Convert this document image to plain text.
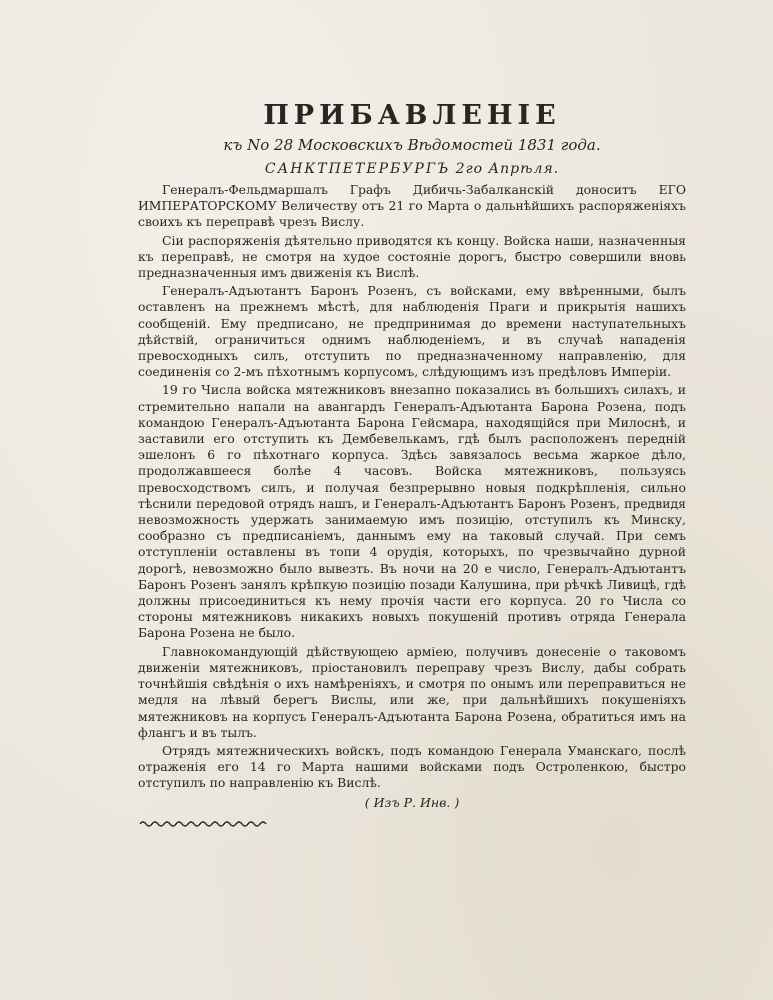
ПРИБАВЛЕНIЕ
къ No 28 Московскихъ Вѣдомостей 1831 года.
САНКТПЕТЕРБУРГЪ 2го Апрѣля.

Генералъ-Фельдмаршалъ Графъ Дибичь-Забалканскiй доноситъ ЕГО ИМПЕРАТОРСКОМУ Величеству отъ 21 го Марта о дальнѣйшихъ распоряженiяхъ своихъ къ переправѣ чрезъ Вислу.

Сiи распоряженiя дѣятельно приводятся къ концу. Войска наши, назначенныя къ переправѣ, не смотря на худое состоянiе дорогъ, быстро совершили вновь предназначенныя имъ движенiя къ Вислѣ.

Генералъ-Адъютантъ Баронъ Розенъ, съ войсками, ему ввѣренными, былъ оставленъ на прежнемъ мѣстѣ, для наблюденiя Праги и прикрытiя нашихъ сообщенiй. Ему предписано, не предпринимая до времени наступательныхъ дѣйствiй, ограничиться однимъ наблюденiемъ, и въ случаѣ нападенiя превосходныхъ силъ, отступить по предназначенному направленiю, для соединенiя со 2-мъ пѣхотнымъ корпусомъ, слѣдующимъ изъ предѣловъ Имперiи.

19 го Числа войска мятежниковъ внезапно показались въ большихъ силахъ, и стремительно напали на авангардъ Генералъ-Адъютанта Барона Розена, подъ командою Генералъ-Адъютанта Барона Гейсмара, находящiйся при Милоснѣ, и заставили его отступить къ Дембевелькамъ, гдѣ былъ расположенъ переднiй эшелонъ 6 го пѣхотнаго корпуса. Здѣсь завязалось весьма жаркое дѣло, продолжавшееся болѣе 4 часовъ. Войска мятежниковъ, пользуясь превосходствомъ силъ, и получая безпрерывно новыя подкрѣпленiя, сильно тѣснили передовой отрядъ нашъ, и Генералъ-Адъютантъ Баронъ Розенъ, предвидя невозможность удержать занимаемую имъ позицiю, отступилъ къ Минску, сообразно съ предписанiемъ, даннымъ ему на таковый случай. При семъ отступленiи оставлены въ топи 4 орудiя, которыхъ, по чрезвычайно дурной дорогѣ, невозможно было вывезть. Въ ночи на 20 е число, Генералъ-Адъютантъ Баронъ Розенъ занялъ крѣпкую позицiю позади Калушина, при рѣчкѣ Ливицѣ, гдѣ должны присоединиться къ нему прочiя части его корпуса. 20 го Числа со стороны мятежниковъ никакихъ новыхъ покушенiй противъ отряда Генерала Барона Розена не было.

Главнокомандующiй дѣйствующею армiею, получивъ донесенiе о таковомъ движенiи мятежниковъ, прiостановилъ переправу чрезъ Вислу, дабы собрать точнѣйшiя свѣдѣнiя о ихъ намѣренiяхъ, и смотря по онымъ или переправиться не медля на лѣвый берегъ Вислы, или же, при дальнѣйшихъ покушенiяхъ мятежниковъ на корпусъ Генералъ-Адъютанта Барона Розена, обратиться имъ на флангъ и въ тылъ.

Отрядъ мятежническихъ войскъ, подъ командою Генерала Уманскаго, послѣ отраженiя его 14 го Марта нашими войсками подъ Остроленкою, быстро отступилъ по направленiю къ Вислѣ.

( Изъ Р. Инв. )
